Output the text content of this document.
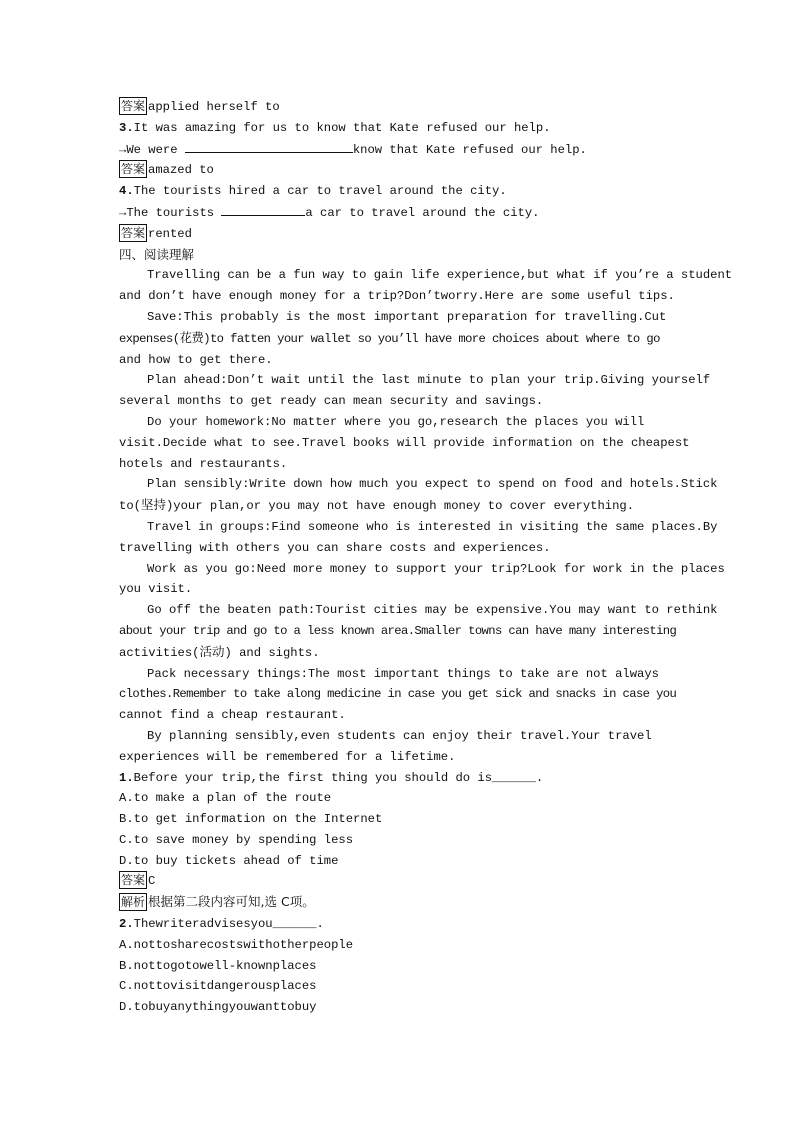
答案 applied herself to
3.It was amazing for us to know that Kate refused our help.
→We were	know that Kate refused our help.
答案 amazed to
4.The tourists hired a car to travel around the city.
→The tourists	a car to travel around the city.
答案 rented
四、阅读理解
Travelling can be a fun way to gain life experience,but what if you’re a student
and don’t have enough money for a trip?Don’tworry.Here are some useful tips.
Save:This probably is the most important preparation for travelling.Cut
expenses(花费)to fatten your wallet so you’ll have more choices about where to go
and how to get there.
Plan ahead:Don’t wait until the last minute to plan your trip.Giving yourself
several months to get ready can mean security and savings.
Do your homework:No matter where you go,research the places you will
visit.Decide what to see.Travel books will provide information on the cheapest
hotels and restaurants.
Plan sensibly:Write down how much you expect to spend on food and hotels.Stick
to(坚持)your plan,or you may not have enough money to cover everything.
Travel in groups:Find someone who is interested in visiting the same places.By
travelling with others you can share costs and experiences.
Work as you go:Need more money to support your trip?Look for work in the places
you visit.
Go off the beaten path:Tourist cities may be expensive.You may want to rethink
about your trip and go to a less known area.Smaller towns can have many interesting
activities(活动) and sights.
Pack necessary things:The most important things to take are not always
clothes.Remember to take along medicine in case you get sick and snacks in case you
cannot find a cheap restaurant.
By planning sensibly,even students can enjoy their travel.Your travel
experiences will be remembered for a lifetime.
1.Before your trip,the first thing you should do is______.
A.to make a plan of the route
B.to get information on the Internet
C.to save money by spending less
D.to buy tickets ahead of time
答案 C
解析 根据第二段内容可知,选 C项。
2.Thewriteradvisesyou______.
A.nottosharecostswithotherpeople
B.nottogotowell-knownplaces
C.nottovisitdangerousplaces
D.tobuyanythingyouwanttobuy
